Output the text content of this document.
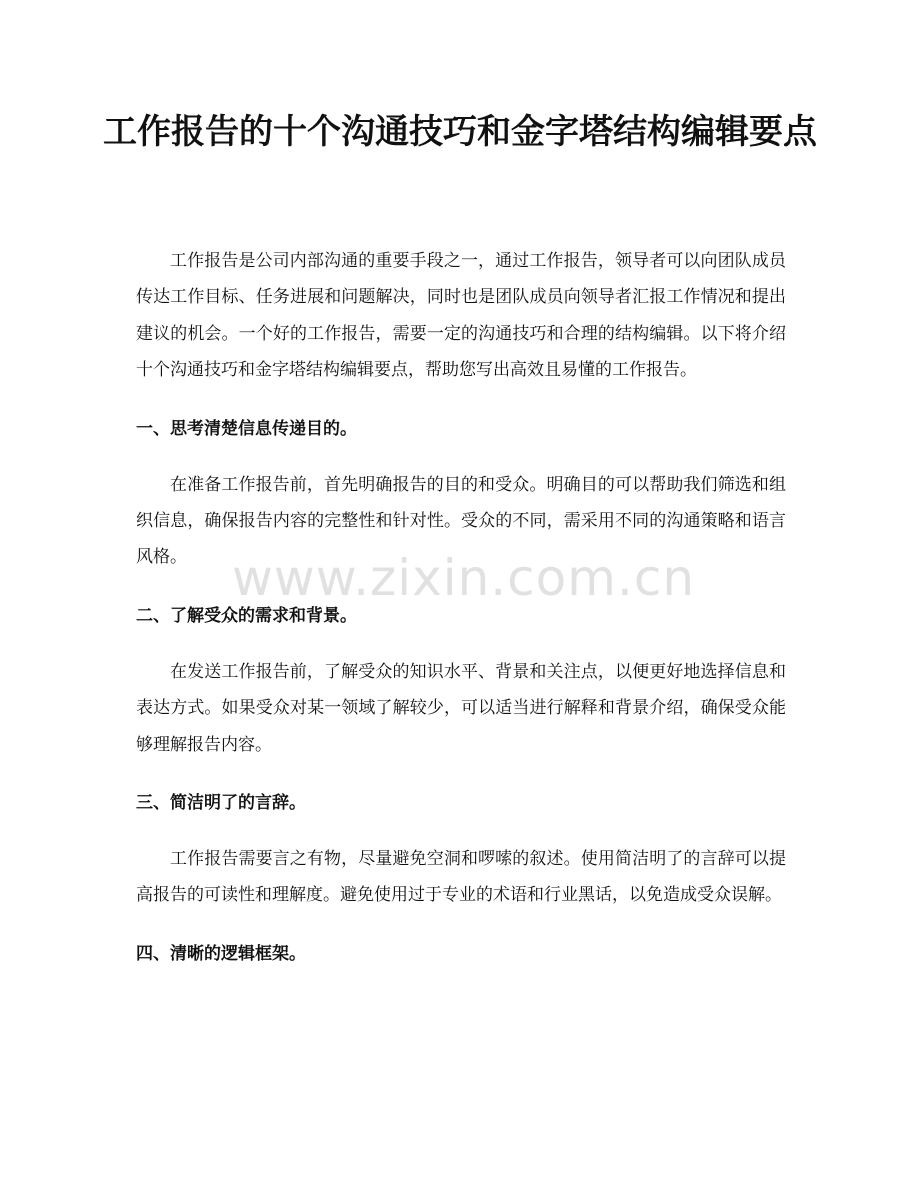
工作报告的十个沟通技巧和金字塔结构编辑要点

工作报告是公司内部沟通的重要手段之一，通过工作报告，领导者可以向团队成员传达工作目标、任务进展和问题解决，同时也是团队成员向领导者汇报工作情况和提出建议的机会。一个好的工作报告，需要一定的沟通技巧和合理的结构编辑。以下将介绍十个沟通技巧和金字塔结构编辑要点，帮助您写出高效且易懂的工作报告。

一、思考清楚信息传递目的。

在准备工作报告前，首先明确报告的目的和受众。明确目的可以帮助我们筛选和组织信息，确保报告内容的完整性和针对性。受众的不同，需采用不同的沟通策略和语言风格。

二、了解受众的需求和背景。

在发送工作报告前，了解受众的知识水平、背景和关注点，以便更好地选择信息和表达方式。如果受众对某一领域了解较少，可以适当进行解释和背景介绍，确保受众能够理解报告内容。

三、简洁明了的言辞。

工作报告需要言之有物，尽量避免空洞和啰嗦的叙述。使用简洁明了的言辞可以提高报告的可读性和理解度。避免使用过于专业的术语和行业黑话，以免造成受众误解。

四、清晰的逻辑框架。
www.zixin.com.cn
